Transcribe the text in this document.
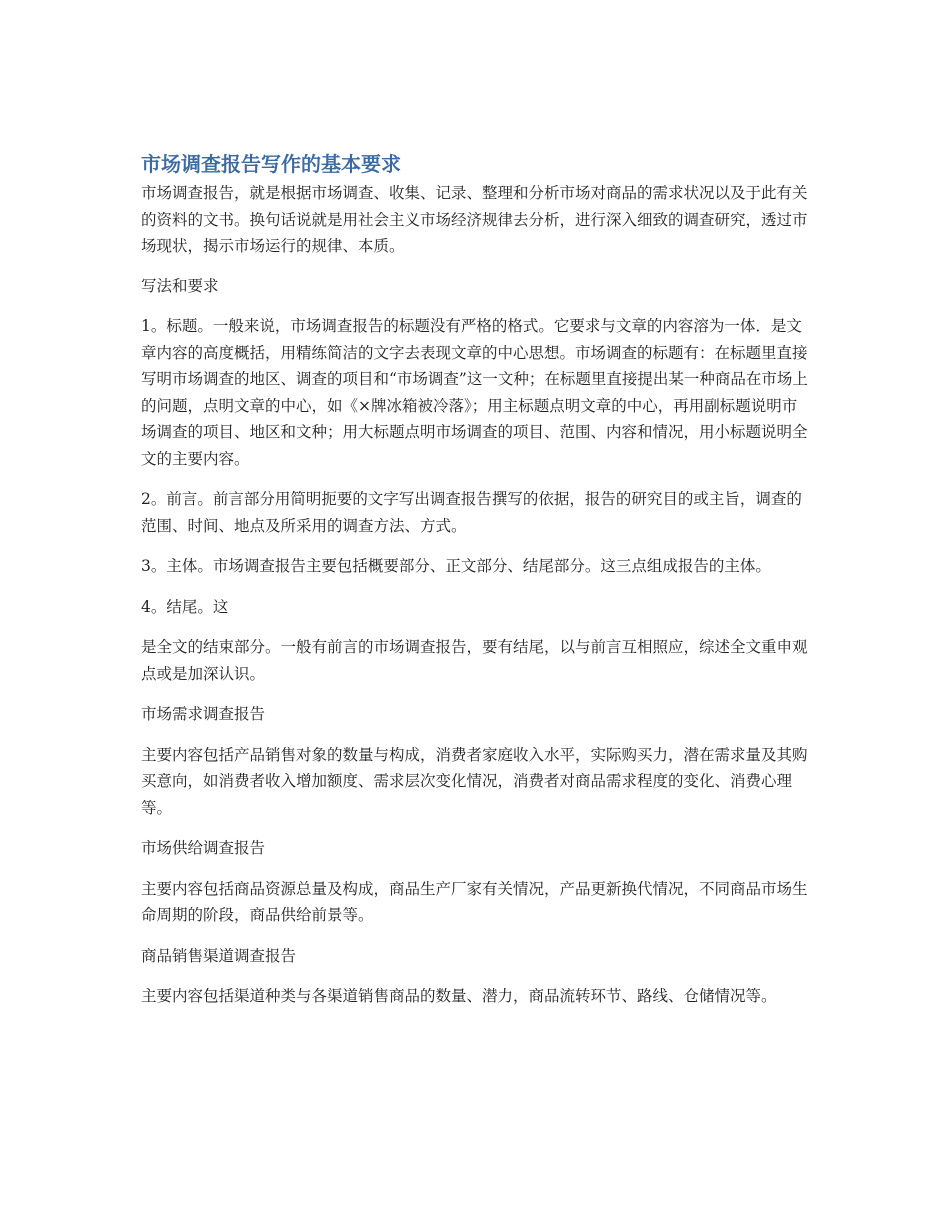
市场调查报告写作的基本要求

市场调查报告，就是根据市场调查、收集、记录、整理和分析市场对商品的需求状况以及于此有关的资料的文书。换句话说就是用社会主义市场经济规律去分析，进行深入细致的调查研究，透过市场现状，揭示市场运行的规律、本质。

写法和要求

1。标题。一般来说，市场调查报告的标题没有严格的格式。它要求与文章的内容溶为一体．是文章内容的高度概括，用精练简洁的文字去表现文章的中心思想。市场调查的标题有：在标题里直接写明市场调查的地区、调查的项目和“市场调查”这一文种；在标题里直接提出某一种商品在市场上的问题，点明文章的中心，如《×牌冰箱被冷落》；用主标题点明文章的中心，再用副标题说明市场调查的项目、地区和文种；用大标题点明市场调查的项目、范围、内容和情况，用小标题说明全文的主要内容。

2。前言。前言部分用简明扼要的文字写出调查报告撰写的依据，报告的研究目的或主旨，调查的范围、时间、地点及所采用的调查方法、方式。

3。主体。市场调查报告主要包括概要部分、正文部分、结尾部分。这三点组成报告的主体。

4。结尾。这

是全文的结束部分。一般有前言的市场调查报告，要有结尾，以与前言互相照应，综述全文重申观点或是加深认识。

市场需求调查报告

主要内容包括产品销售对象的数量与构成，消费者家庭收入水平，实际购买力，潜在需求量及其购买意向，如消费者收入增加额度、需求层次变化情况，消费者对商品需求程度的变化、消费心理等。

市场供给调查报告

主要内容包括商品资源总量及构成，商品生产厂家有关情况，产品更新换代情况，不同商品市场生命周期的阶段，商品供给前景等。

商品销售渠道调查报告

主要内容包括渠道种类与各渠道销售商品的数量、潜力，商品流转环节、路线、仓储情况等。
